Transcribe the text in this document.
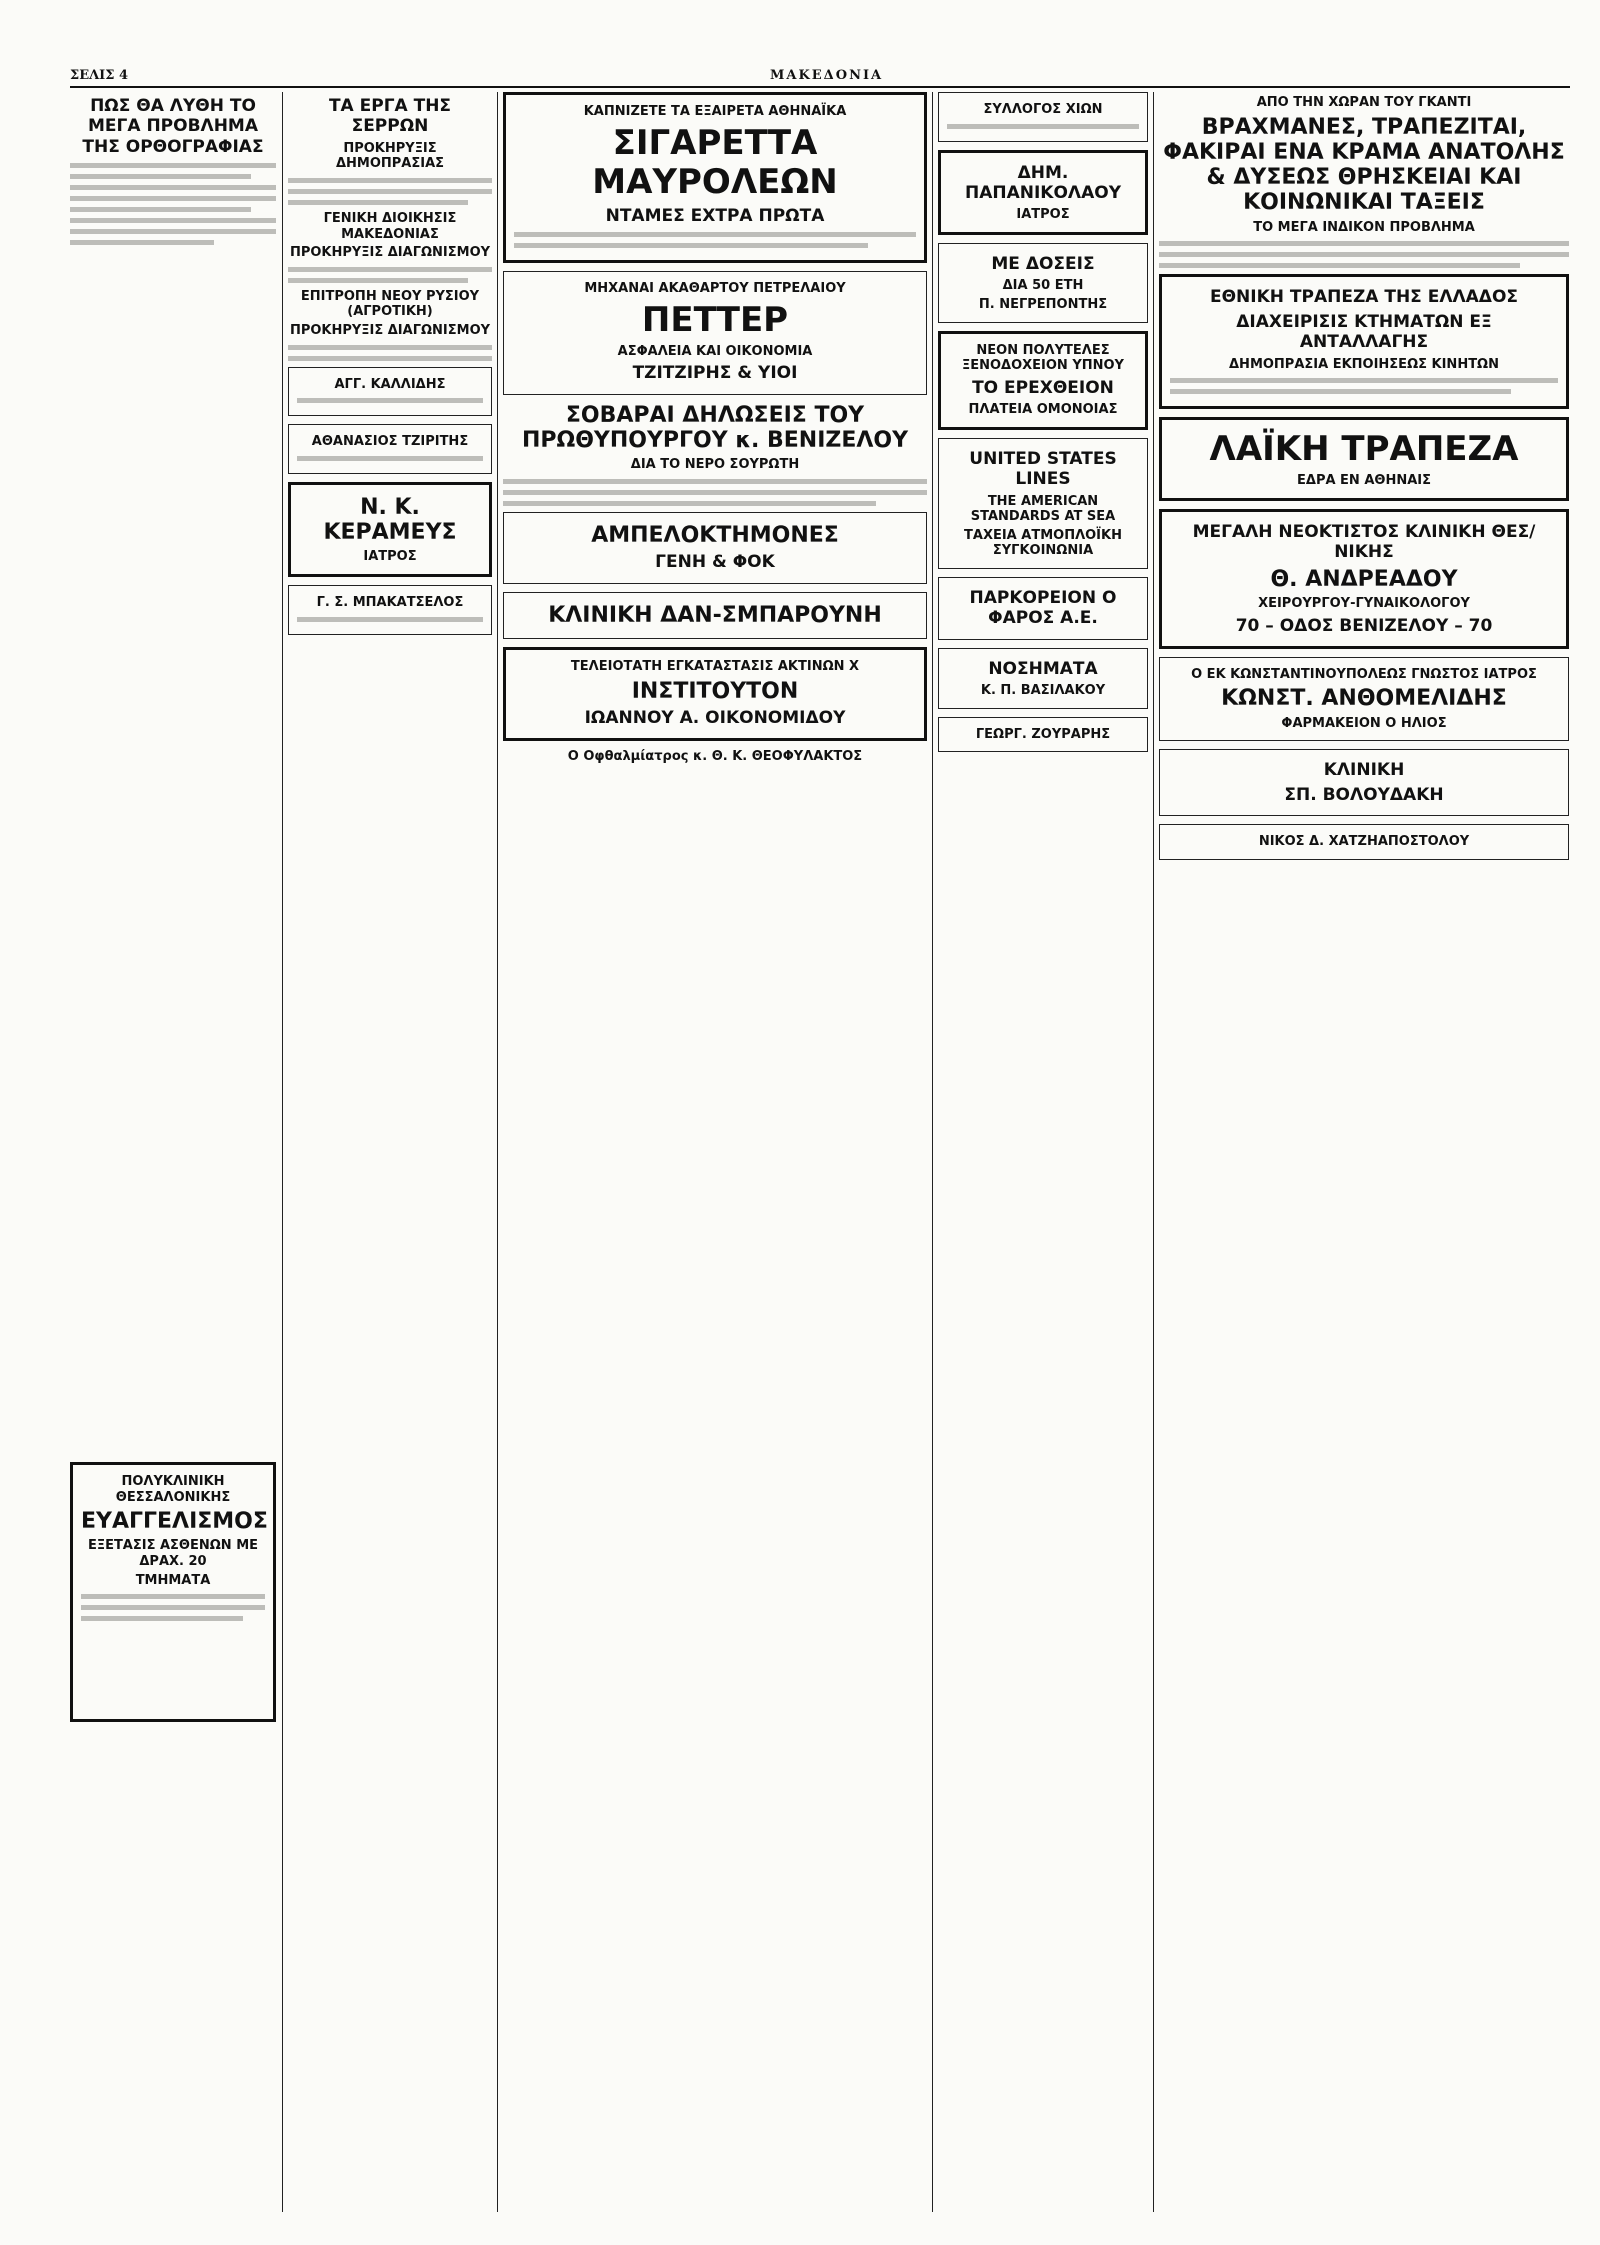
ΣΕΛΙΣ 4	ΜΑΚΕΔΟΝΙΑ
ΠΩΣ ΘΑ ΛΥΘΗ ΤΟ ΜΕΓΑ ΠΡΟΒΛΗΜΑ ΤΗΣ ΟΡΘΟΓΡΑΦΙΑΣ
ΠΟΛΥΚΛΙΝΙΚΗ ΘΕΣΣΑΛΟΝΙΚΗΣ
ΕΥΑΓΓΕΛΙΣΜΟΣ
ΕΞΕΤΑΣΙΣ ΑΣΘΕΝΩΝ ΜΕ ΔΡΑΧ. 20
ΤΜΗΜΑΤΑ
ΤΑ ΕΡΓΑ ΤΗΣ ΣΕΡΡΩΝ
ΠΡΟΚΗΡΥΞΙΣ ΔΗΜΟΠΡΑΣΙΑΣ
ΓΕΝΙΚΗ ΔΙΟΙΚΗΣΙΣ ΜΑΚΕΔΟΝΙΑΣ
ΠΡΟΚΗΡΥΞΙΣ ΔΙΑΓΩΝΙΣΜΟΥ
ΕΠΙΤΡΟΠΗ ΝΕΟΥ ΡΥΣΙΟΥ (ΑΓΡΟΤΙΚΗ)
ΠΡΟΚΗΡΥΞΙΣ ΔΙΑΓΩΝΙΣΜΟΥ
ΑΓΓ. ΚΑΛΛΙΔΗΣ
ΑΘΑΝΑΣΙΟΣ ΤΖΙΡΙΤΗΣ
Ν. Κ. ΚΕΡΑΜΕΥΣ
ΙΑΤΡΟΣ
Γ. Σ. ΜΠΑΚΑΤΣΕΛΟΣ
ΚΑΠΝΙΖΕΤΕ ΤΑ ΕΞΑΙΡΕΤΑ ΑΘΗΝΑΪΚΑ
ΣΙΓΑΡΕΤΤΑ ΜΑΥΡΟΛΕΩΝ
ΝΤΑΜΕΣ ΕΧΤΡΑ ΠΡΩΤΑ
ΜΗΧΑΝΑΙ ΑΚΑΘΑΡΤΟΥ ΠΕΤΡΕΛΑΙΟΥ
ΠΕΤΤΕΡ
ΑΣΦΑΛΕΙΑ ΚΑΙ ΟΙΚΟΝΟΜΙΑ
ΤΖΙΤΖΙΡΗΣ & ΥΙΟΙ
ΣΟΒΑΡΑΙ ΔΗΛΩΣΕΙΣ ΤΟΥ ΠΡΩΘΥΠΟΥΡΓΟΥ κ. ΒΕΝΙΖΕΛΟΥ
ΔΙΑ ΤΟ ΝΕΡΟ ΣΟΥΡΩΤΗ
ΑΜΠΕΛΟΚΤΗΜΟΝΕΣ
ΓΕΝΗ & ΦΟΚ
ΚΛΙΝΙΚΗ ΔΑΝ-ΣΜΠΑΡΟΥΝΗ
ΤΕΛΕΙΟΤΑΤΗ ΕΓΚΑΤΑΣΤΑΣΙΣ ΑΚΤΙΝΩΝ Χ
ΙΝΣΤΙΤΟΥΤΟΝ
ΙΩΑΝΝΟΥ Α. ΟΙΚΟΝΟΜΙΔΟΥ
Ο Οφθαλμίατρος κ. Θ. Κ. ΘΕΟΦΥΛΑΚΤΟΣ
ΣΥΛΛΟΓΟΣ ΧΙΩΝ
ΔΗΜ. ΠΑΠΑΝΙΚΟΛΑΟΥ
ΙΑΤΡΟΣ
ΜΕ ΔΟΣΕΙΣ
ΔΙΑ 50 ΕΤΗ
Π. ΝΕΓΡΕΠΟΝΤΗΣ
ΝΕΟΝ ΠΟΛΥΤΕΛΕΣ ΞΕΝΟΔΟΧΕΙΟΝ ΥΠΝΟΥ
ΤΟ ΕΡΕΧΘΕΙΟΝ
ΠΛΑΤΕΙΑ ΟΜΟΝΟΙΑΣ
UNITED STATES LINES
THE AMERICAN STANDARDS AT SEA
ΤΑΧΕΙΑ ΑΤΜΟΠΛΟΪΚΗ ΣΥΓΚΟΙΝΩΝΙΑ
ΠΑΡΚΟΡΕΙΟΝ Ο ΦΑΡΟΣ Α.Ε.
ΝΟΣΗΜΑΤΑ
Κ. Π. ΒΑΣΙΛΑΚΟΥ
ΓΕΩΡΓ. ΖΟΥΡΑΡΗΣ
ΑΠΟ ΤΗΝ ΧΩΡΑΝ ΤΟΥ ΓΚΑΝΤΙ
ΒΡΑΧΜΑΝΕΣ, ΤΡΑΠΕΖΙΤΑΙ, ΦΑΚΙΡΑΙ ΕΝΑ ΚΡΑΜΑ ΑΝΑΤΟΛΗΣ & ΔΥΣΕΩΣ ΘΡΗΣΚΕΙΑΙ ΚΑΙ ΚΟΙΝΩΝΙΚΑΙ ΤΑΞΕΙΣ
ΤΟ ΜΕΓΑ ΙΝΔΙΚΟΝ ΠΡΟΒΛΗΜΑ
ΕΘΝΙΚΗ ΤΡΑΠΕΖΑ ΤΗΣ ΕΛΛΑΔΟΣ
ΔΙΑΧΕΙΡΙΣΙΣ ΚΤΗΜΑΤΩΝ ΕΞ ΑΝΤΑΛΛΑΓΗΣ
ΔΗΜΟΠΡΑΣΙΑ ΕΚΠΟΙΗΣΕΩΣ ΚΙΝΗΤΩΝ
ΛΑΪΚΗ ΤΡΑΠΕΖΑ
ΕΔΡΑ ΕΝ ΑΘΗΝΑΙΣ
ΜΕΓΑΛΗ ΝΕΟΚΤΙΣΤΟΣ ΚΛΙΝΙΚΗ ΘΕΣ/ΝΙΚΗΣ
Θ. ΑΝΔΡΕΑΔΟΥ
ΧΕΙΡΟΥΡΓΟΥ-ΓΥΝΑΙΚΟΛΟΓΟΥ
70 – ΟΔΟΣ ΒΕΝΙΖΕΛΟΥ – 70
Ο ΕΚ ΚΩΝΣΤΑΝΤΙΝΟΥΠΟΛΕΩΣ ΓΝΩΣΤΟΣ ΙΑΤΡΟΣ
ΚΩΝΣΤ. ΑΝΘΟΜΕΛΙΔΗΣ
ΦΑΡΜΑΚΕΙΟΝ Ο ΗΛΙΟΣ
ΚΛΙΝΙΚΗ
ΣΠ. ΒΟΛΟΥΔΑΚΗ
ΝΙΚΟΣ Δ. ΧΑΤΖΗΑΠΟΣΤΟΛΟΥ
